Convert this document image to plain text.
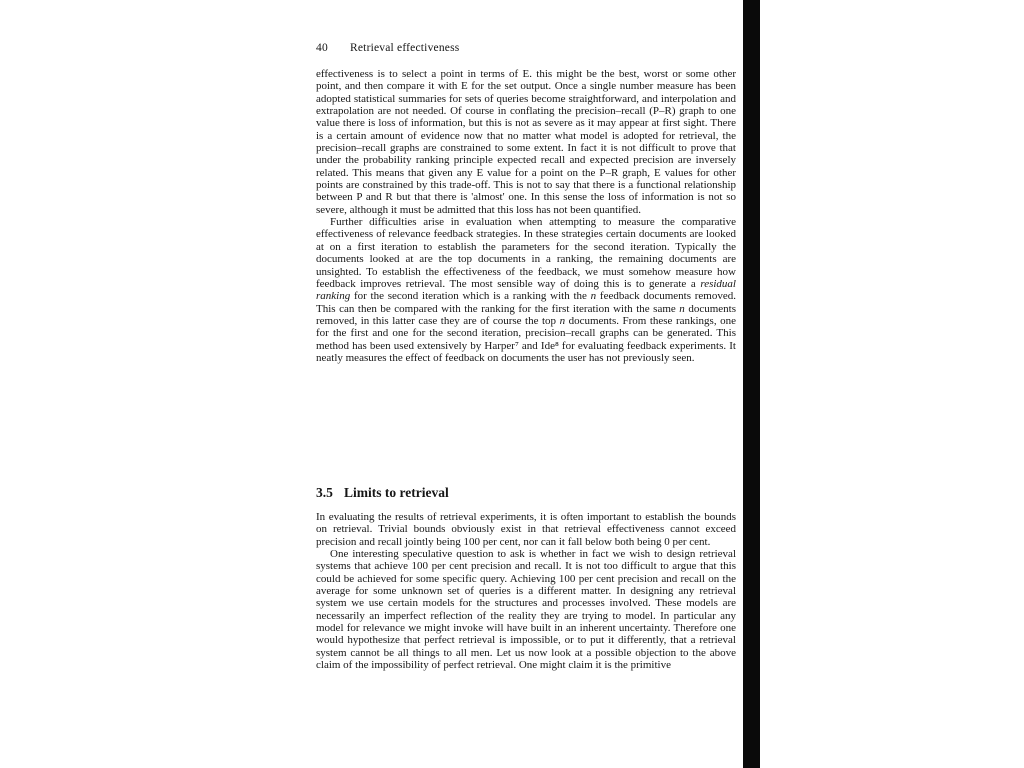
40 Retrieval effectiveness

effectiveness is to select a point in terms of E. this might be the best, worst or some other point, and then compare it with E for the set output. Once a single number measure has been adopted statistical summaries for sets of queries become straightforward, and interpolation and extrapolation are not needed. Of course in conflating the precision–recall (P–R) graph to one value there is loss of information, but this is not as severe as it may appear at first sight. There is a certain amount of evidence now that no matter what model is adopted for retrieval, the precision–recall graphs are constrained to some extent. In fact it is not difficult to prove that under the probability ranking principle expected recall and expected precision are inversely related. This means that given any E value for a point on the P–R graph, E values for other points are constrained by this trade-off. This is not to say that there is a functional relationship between P and R but that there is 'almost' one. In this sense the loss of information is not so severe, although it must be admitted that this loss has not been quantified.

Further difficulties arise in evaluation when attempting to measure the comparative effectiveness of relevance feedback strategies. In these strategies certain documents are looked at on a first iteration to establish the parameters for the second iteration. Typically the documents looked at are the top documents in a ranking, the remaining documents are unsighted. To establish the effectiveness of the feedback, we must somehow measure how feedback improves retrieval. The most sensible way of doing this is to generate a residual ranking for the second iteration which is a ranking with the n feedback documents removed. This can then be compared with the ranking for the first iteration with the same n documents removed, in this latter case they are of course the top n documents. From these rankings, one for the first and one for the second iteration, precision–recall graphs can be generated. This method has been used extensively by Harper⁷ and Ide⁸ for evaluating feedback experiments. It neatly measures the effect of feedback on documents the user has not previously seen.

3.5 Limits to retrieval

In evaluating the results of retrieval experiments, it is often important to establish the bounds on retrieval. Trivial bounds obviously exist in that retrieval effectiveness cannot exceed precision and recall jointly being 100 per cent, nor can it fall below both being 0 per cent.

One interesting speculative question to ask is whether in fact we wish to design retrieval systems that achieve 100 per cent precision and recall. It is not too difficult to argue that this could be achieved for some specific query. Achieving 100 per cent precision and recall on the average for some unknown set of queries is a different matter. In designing any retrieval system we use certain models for the structures and processes involved. These models are necessarily an imperfect reflection of the reality they are trying to model. In particular any model for relevance we might invoke will have built in an inherent uncertainty. Therefore one would hypothesize that perfect retrieval is impossible, or to put it differently, that a retrieval system cannot be all things to all men. Let us now look at a possible objection to the above claim of the impossibility of perfect retrieval. One might claim it is the primitive
